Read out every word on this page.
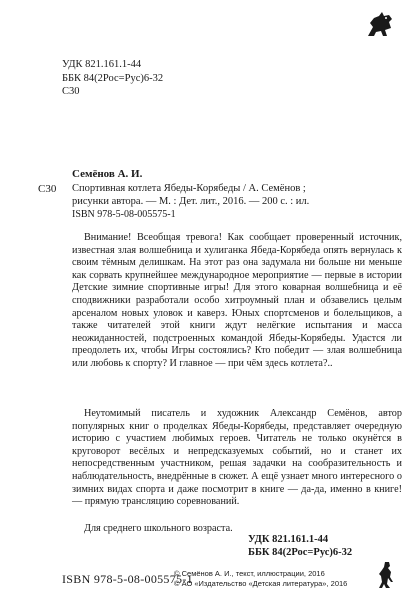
УДК 821.161.1-44
ББК 84(2Рос=Рус)6-32
С30
Семёнов А. И.
С30 Спортивная котлета Ябеды-Корябеды / А. Семёнов ;
рисунки автора. — М. : Дет. лит., 2016. — 200 с. : ил.
ISBN 978-5-08-005575-1

Внимание! Всеобщая тревога! Как сообщает проверенный источник, известная злая волшебница и хулиганка Ябеда-Корябеда опять вернулась к своим тёмным делишкам. На этот раз она задумала ни больше ни меньше как сорвать крупнейшее международное мероприятие — первые в истории Детские зимние спортивные игры! Для этого коварная волшебница и её сподвижники разработали особо хитроумный план и обзавелись целым арсеналом новых уловок и каверз. Юных спортсменов и болельщиков, а также читателей этой книги ждут нелёгкие испытания и масса неожиданностей, подстроенных командой Ябеды-Корябеды. Удастся ли преодолеть их, чтобы Игры состоялись? Кто победит — злая волшебница или любовь к спорту? И главное — при чём здесь котлета?..

Неутомимый писатель и художник Александр Семёнов, автор популярных книг о проделках Ябеды-Корябеды, представляет очередную историю с участием любимых героев. Читатель не только окунётся в круговорот весёлых и непредсказуемых событий, но и станет их непосредственным участником, решая задачки на сообразительность и наблюдательность, внедрённые в сюжет. А ещё узнает много интересного о зимних видах спорта и даже посмотрит в книге — да-да, именно в книге! — прямую трансляцию соревнований.

Для среднего школьного возраста.
УДК 821.161.1-44
ББК 84(2Рос=Рус)6-32
ISBN 978-5-08-005575-1
© Семёнов А. И., текст, иллюстрации, 2016
© АО «Издательство «Детская литература», 2016
